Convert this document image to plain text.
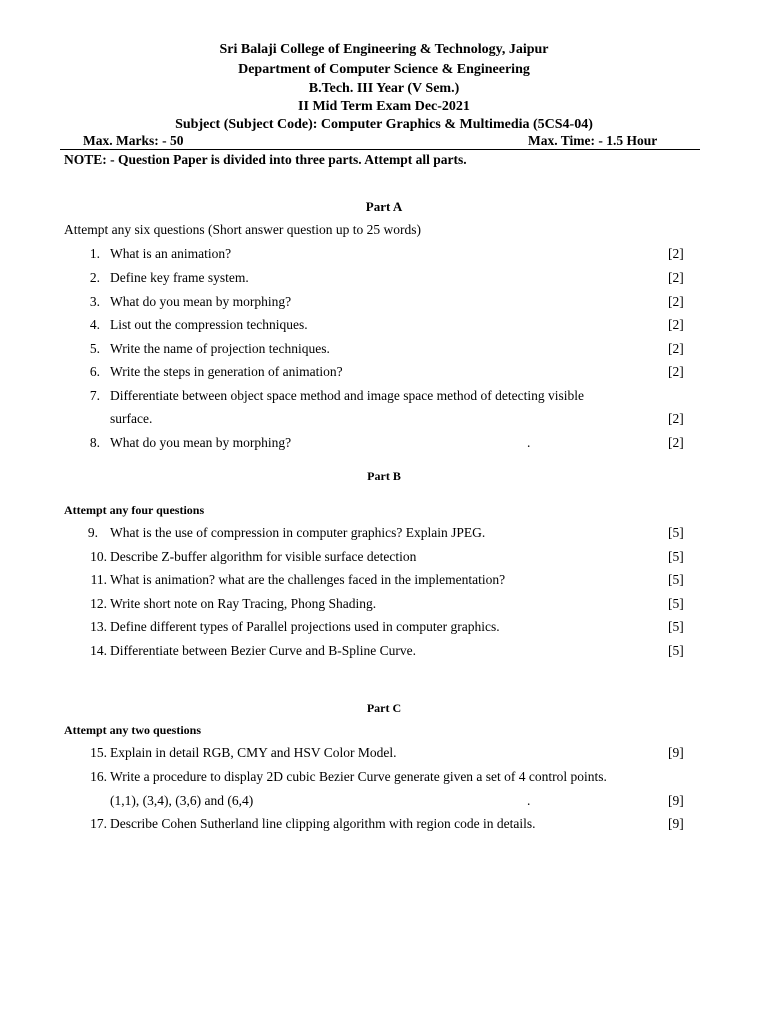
Sri Balaji College of Engineering & Technology, Jaipur
Department of Computer Science & Engineering
B.Tech. III Year (V Sem.)
II Mid Term Exam Dec-2021
Subject (Subject Code): Computer Graphics & Multimedia (5CS4-04)
Max. Marks: - 50	Max. Time: - 1.5 Hour
NOTE: - Question Paper is divided into three parts. Attempt all parts.
Part A
Attempt any six questions (Short answer question up to 25 words)
1. What is an animation?	[2]
2. Define key frame system.	[2]
3. What do you mean by morphing?	[2]
4. List out the compression techniques.	[2]
5. Write the name of projection techniques.	[2]
6. Write the steps in generation of animation?	[2]
7. Differentiate between object space method and image space method of detecting visible
surface.	[2]
8. What do you mean by morphing?	.	[2]
Part B
Attempt any four questions
9. What is the use of compression in computer graphics? Explain JPEG.	[5]
10. Describe Z-buffer algorithm for visible surface detection	[5]
11. What is animation? what are the challenges faced in the implementation?	[5]
12. Write short note on Ray Tracing, Phong Shading.	[5]
13. Define different types of Parallel projections used in computer graphics.	[5]
14. Differentiate between Bezier Curve and B-Spline Curve.	[5]
Part C
Attempt any two questions
15. Explain in detail RGB, CMY and HSV Color Model.	[9]
16. Write a procedure to display 2D cubic Bezier Curve generate given a set of 4 control points.
(1,1), (3,4), (3,6) and (6,4)	.	[9]
17. Describe Cohen Sutherland line clipping algorithm with region code in details.	[9]
